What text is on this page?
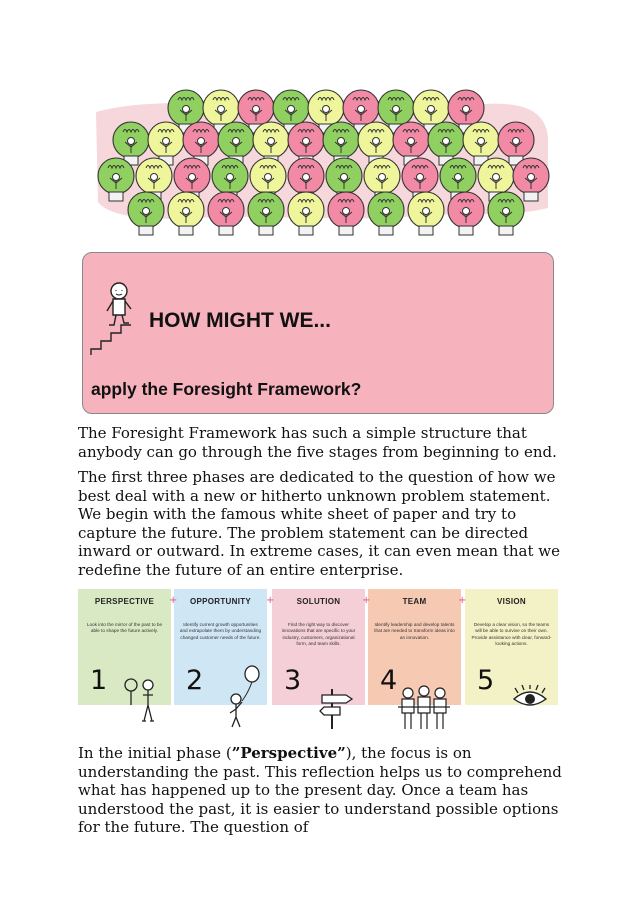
HOW MIGHT WE...
apply the Foresight Framework?

The Foresight Framework has such a simple structure that anybody can go through the five stages from beginning to end.

The first three phases are dedicated to the question of how we best deal with a new or hitherto unknown problem statement. We begin with the famous white sheet of paper and try to capture the future. The problem statement can be directed inward or outward. In extreme cases, it can even mean that we redefine the future of an entire enterprise.

PERSPECTIVE
Look into the mirror of the past to be able to shape the future actively.
1
OPPORTUNITY
Identify current growth opportunities and extrapolate them by understanding changed customer needs of the future.
2
SOLUTION
Find the right way to discover innovations that are specific to your industry, customers, organizational form, and team skills.
3
TEAM
Identify leadership and develop talents that are needed to transform ideas into an innovation.
4
VISION
Develop a clear vision, so the teams will be able to survive on their own. Provide assistance with clear, forward-looking actions.
5
+	+	+	+

In the initial phase (”Perspective”), the focus is on understanding the past. This reflection helps us to comprehend what has happened up to the present day. Once a team has understood the past, it is easier to understand possible options for the future. The question of
